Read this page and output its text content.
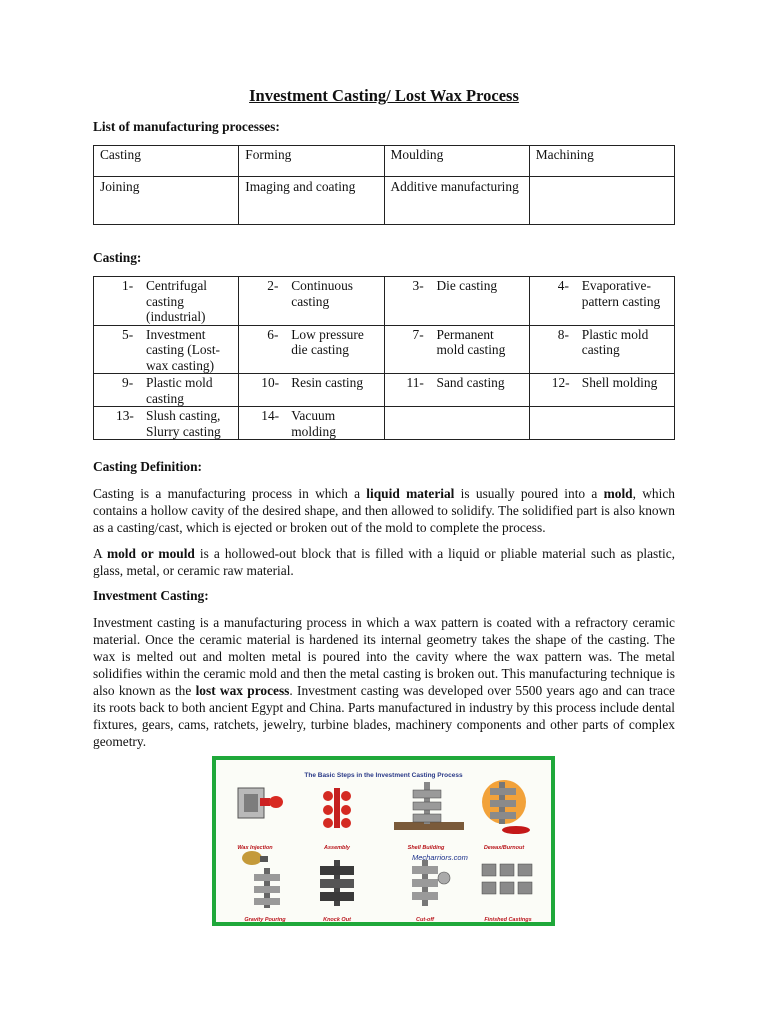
Investment Casting/ Lost Wax Process
List of manufacturing processes:
Casting	Forming	Moulding	Machining
Joining	Imaging and coating	Additive manufacturing	
Casting:
1- Centrifugal casting (industrial)	2- Continuous casting	3- Die casting	4- Evaporative-pattern casting

5- Investment casting (Lost-wax casting)	6- Low pressure die casting	7- Permanent mold casting	8- Plastic mold casting

9- Plastic mold casting	10- Resin casting	11- Sand casting	12- Shell molding

13- Slush casting, Slurry casting	14- Vacuum molding		

Casting Definition:
Casting is a manufacturing process in which a liquid material is usually poured into a mold, which contains a hollow cavity of the desired shape, and then allowed to solidify. The solidified part is also known as a casting/cast, which is ejected or broken out of the mold to complete the process.
A mold or mould is a hollowed-out block that is filled with a liquid or pliable material such as plastic, glass, metal, or ceramic raw material.
Investment Casting:
Investment casting is a manufacturing process in which a wax pattern is coated with a refractory ceramic material. Once the ceramic material is hardened its internal geometry takes the shape of the casting. The wax is melted out and molten metal is poured into the cavity where the wax pattern was. The metal solidifies within the ceramic mold and then the metal casting is broken out. This manufacturing technique is also known as the lost wax process. Investment casting was developed over 5500 years ago and can trace its roots back to both ancient Egypt and China. Parts manufactured in industry by this process include dental fixtures, gears, cams, ratchets, jewelry, turbine blades, machinery components and other parts of complex geometry.
The Basic Steps in the Investment Casting Process
Wax Injection	Assembly	Shell Building	Dewax/Burnout
Mecharriors.com
Gravity Pouring	Knock Out	Cut-off	Finished Castings
